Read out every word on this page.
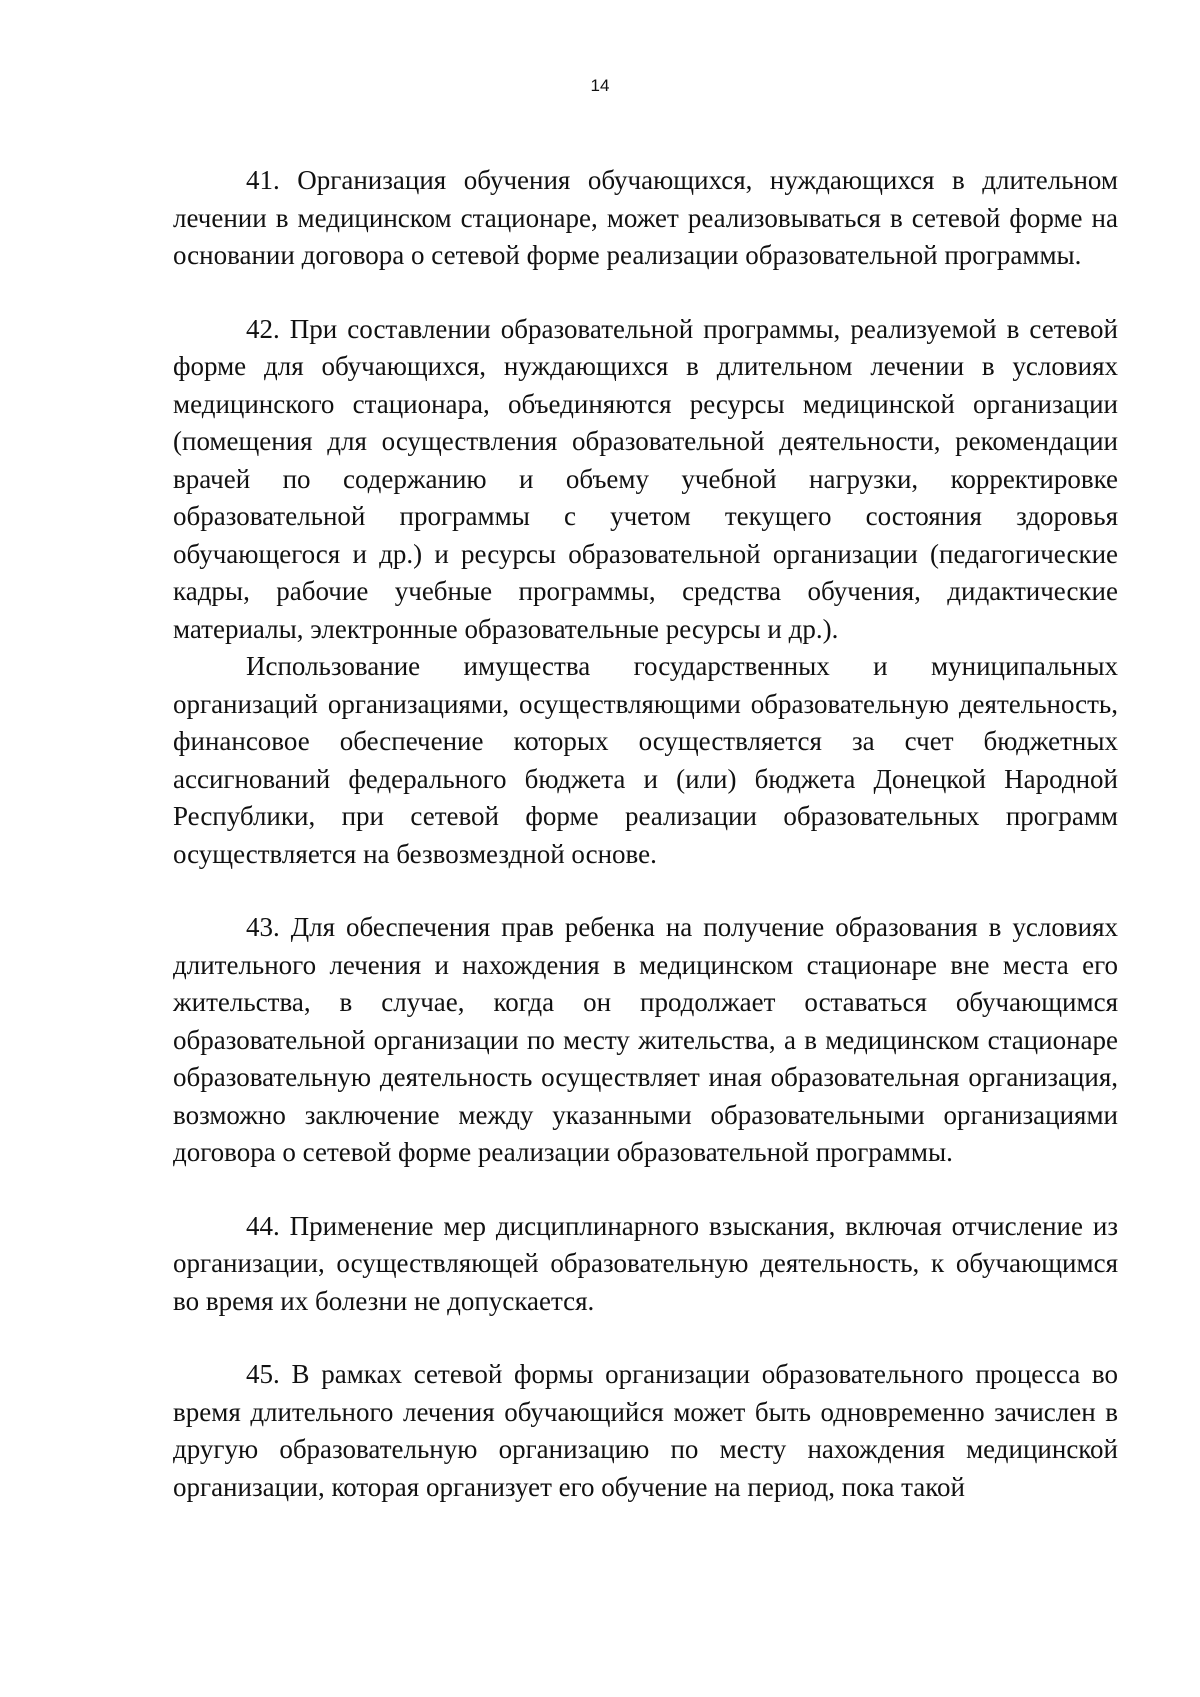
14

41. Организация обучения обучающихся, нуждающихся в длительном лечении в медицинском стационаре, может реализовываться в сетевой форме на основании договора о сетевой форме реализации образовательной программы.

42. При составлении образовательной программы, реализуемой в сетевой форме для обучающихся, нуждающихся в длительном лечении в условиях медицинского стационара, объединяются ресурсы медицинской организации (помещения для осуществления образовательной деятельности, рекомендации врачей по содержанию и объему учебной нагрузки, корректировке образовательной программы с учетом текущего состояния здоровья обучающегося и др.) и ресурсы образовательной организации (педагогические кадры, рабочие учебные программы, средства обучения, дидактические материалы, электронные образовательные ресурсы и др.).

Использование имущества государственных и муниципальных организаций организациями, осуществляющими образовательную деятельность, финансовое обеспечение которых осуществляется за счет бюджетных ассигнований федерального бюджета и (или) бюджета Донецкой Народной Республики, при сетевой форме реализации образовательных программ осуществляется на безвозмездной основе.

43. Для обеспечения прав ребенка на получение образования в условиях длительного лечения и нахождения в медицинском стационаре вне места его жительства, в случае, когда он продолжает оставаться обучающимся образовательной организации по месту жительства, а в медицинском стационаре образовательную деятельность осуществляет иная образовательная организация, возможно заключение между указанными образовательными организациями договора о сетевой форме реализации образовательной программы.

44. Применение мер дисциплинарного взыскания, включая отчисление из организации, осуществляющей образовательную деятельность, к обучающимся во время их болезни не допускается.

45. В рамках сетевой формы организации образовательного процесса во время длительного лечения обучающийся может быть одновременно зачислен в другую образовательную организацию по месту нахождения медицинской организации, которая организует его обучение на период, пока такой
